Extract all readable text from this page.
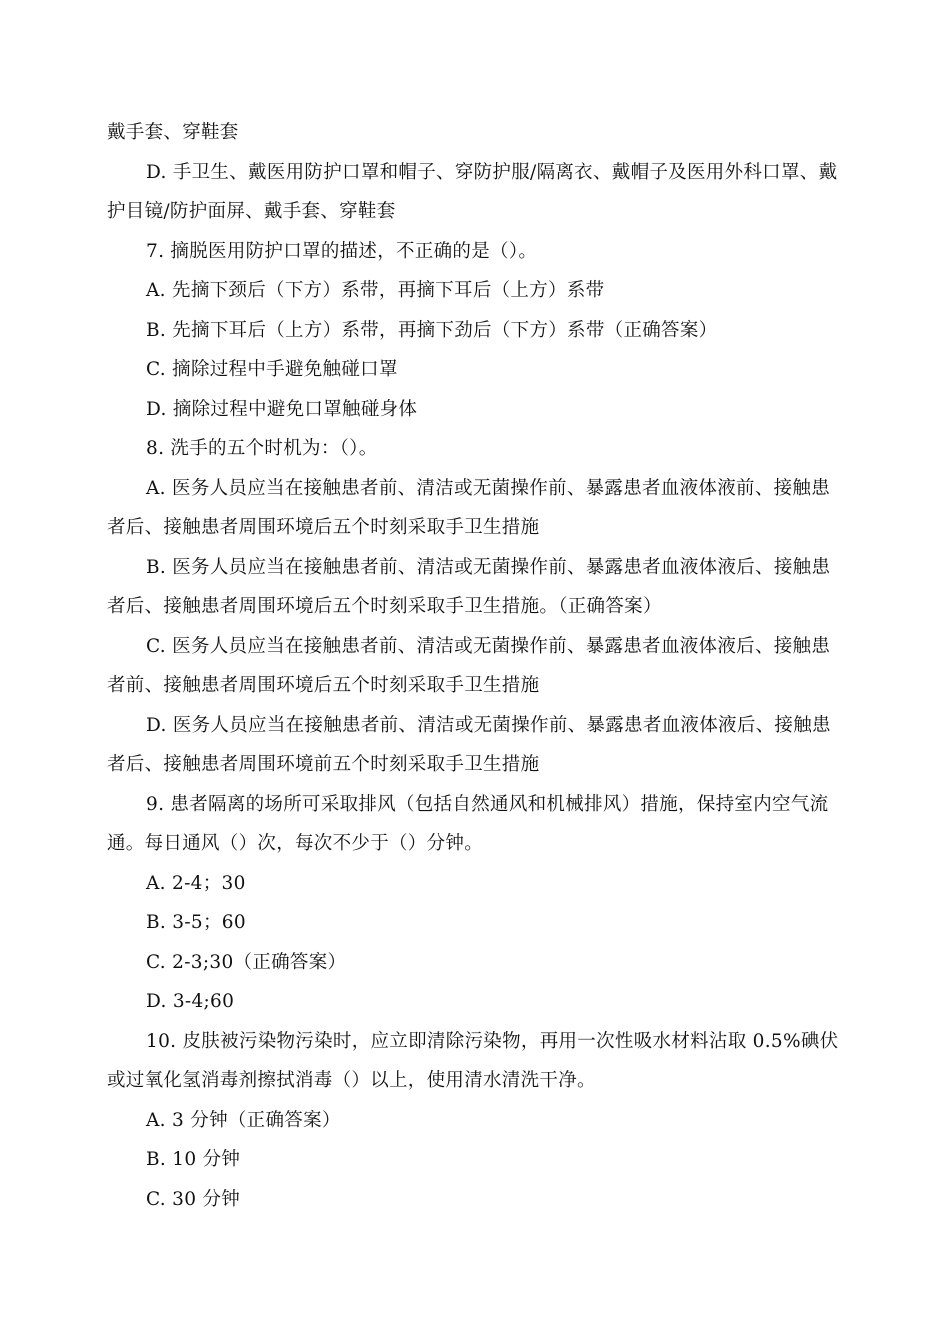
戴手套、穿鞋套

D. 手卫生、戴医用防护口罩和帽子、穿防护服/隔离衣、戴帽子及医用外科口罩、戴护目镜/防护面屏、戴手套、穿鞋套

7. 摘脱医用防护口罩的描述，不正确的是（）。

A. 先摘下颈后（下方）系带，再摘下耳后（上方）系带

B. 先摘下耳后（上方）系带，再摘下劲后（下方）系带（正确答案）

C. 摘除过程中手避免触碰口罩

D. 摘除过程中避免口罩触碰身体

8. 洗手的五个时机为：（）。

A. 医务人员应当在接触患者前、清洁或无菌操作前、暴露患者血液体液前、接触患者后、接触患者周围环境后五个时刻采取手卫生措施

B. 医务人员应当在接触患者前、清洁或无菌操作前、暴露患者血液体液后、接触患者后、接触患者周围环境后五个时刻采取手卫生措施。（正确答案）

C. 医务人员应当在接触患者前、清洁或无菌操作前、暴露患者血液体液后、接触患者前、接触患者周围环境后五个时刻采取手卫生措施

D. 医务人员应当在接触患者前、清洁或无菌操作前、暴露患者血液体液后、接触患者后、接触患者周围环境前五个时刻采取手卫生措施

9. 患者隔离的场所可采取排风（包括自然通风和机械排风）措施，保持室内空气流通。每日通风（）次，每次不少于（）分钟。

A. 2-4；30

B. 3-5；60

C. 2-3;30（正确答案）

D. 3-4;60

10. 皮肤被污染物污染时，应立即清除污染物，再用一次性吸水材料沾取 0.5%碘伏或过氧化氢消毒剂擦拭消毒（）以上，使用清水清洗干净。

A. 3 分钟（正确答案）

B. 10 分钟

C. 30 分钟
